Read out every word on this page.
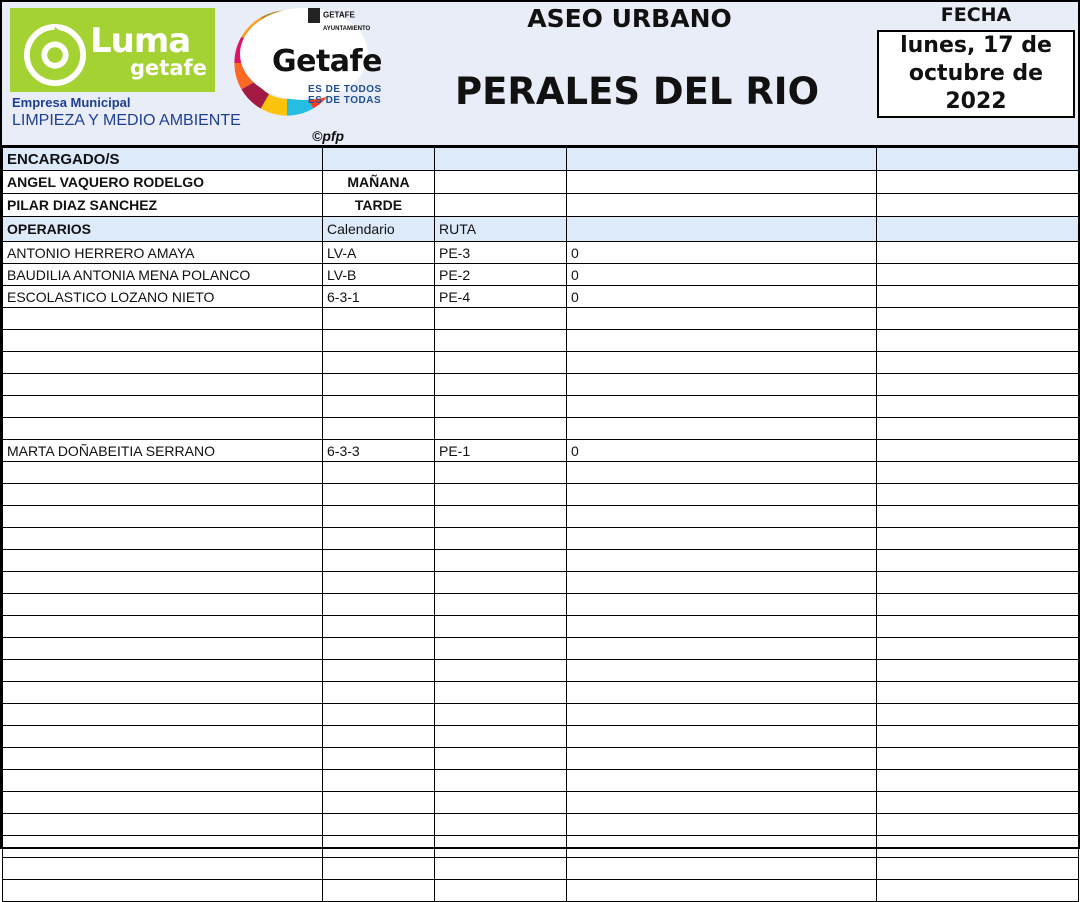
Luma
getafe
Empresa Municipal
LIMPIEZA Y MEDIO AMBIENTE
GETAFE
AYUNTAMIENTO
Getafe
ES DE TODOS
ES DE TODAS
©pfp
ASEO URBANO
PERALES DEL RIO
FECHA
lunes, 17 de octubre de 2022
ENCARGADO/S				
ANGEL VAQUERO RODELGO	MAÑANA			
PILAR DIAZ SANCHEZ	TARDE			
OPERARIOS	Calendario	RUTA		
ANTONIO HERRERO AMAYA	LV-A	PE-3	0	
BAUDILIA ANTONIA MENA POLANCO	LV-B	PE-2	0	
ESCOLASTICO LOZANO NIETO	6-3-1	PE-4	0	

MARTA DOÑABEITIA SERRANO	6-3-3	PE-1	0	
